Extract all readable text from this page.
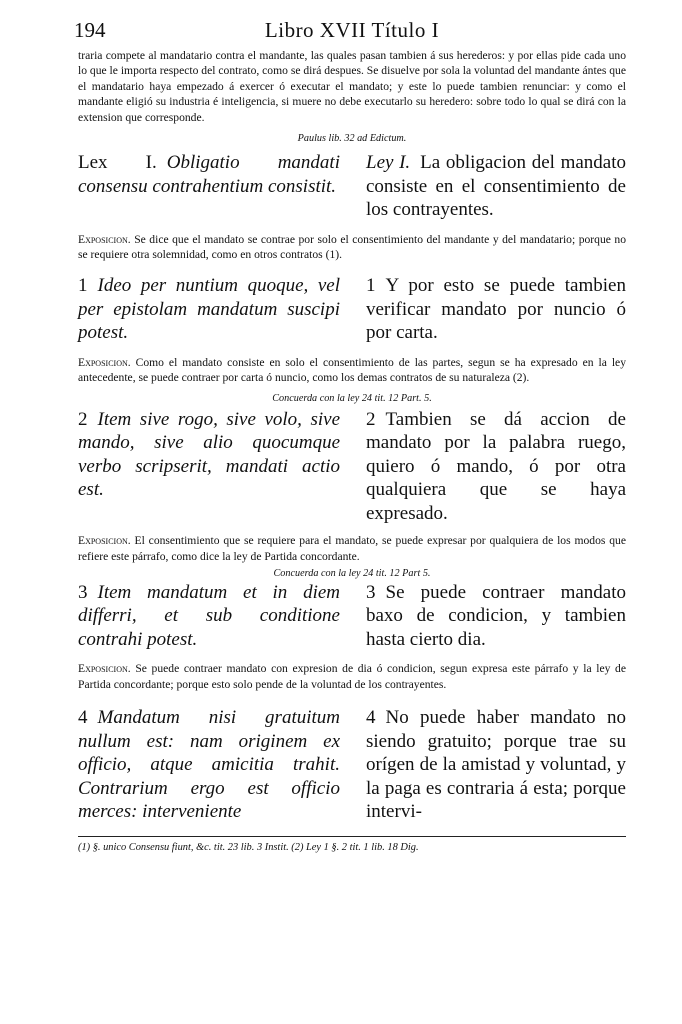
194	Libro XVII Título I

traria compete al mandatario contra el mandante, las quales pasan tambien á sus herederos: y por ellas pide cada uno lo que le importa respecto del contrato, como se dirá despues. Se disuelve por sola la voluntad del mandante ántes que el mandatario haya empezado á exercer ó executar el mandato; y este lo puede tambien renunciar: y como el mandante eligió su industria é inteligencia, si muere no debe executarlo su heredero: sobre todo lo qual se dirá con la extension que corresponde.

Paulus lib. 32 ad Edictum.

Lex I. Obligatio mandati consensu contrahentium consistit.

Ley I. La obligacion del mandato consiste en el consentimiento de los contrayentes.

Exposicion. Se dice que el mandato se contrae por solo el consentimiento del mandante y del mandatario; porque no se requiere otra solemnidad, como en otros contratos (1).

1 Ideo per nuntium quoque, vel per epistolam mandatum suscipi potest.

1 Y por esto se puede tambien verificar mandato por nuncio ó por carta.

Exposicion. Como el mandato consiste en solo el consentimiento de las partes, segun se ha expresado en la ley antecedente, se puede contraer por carta ó nuncio, como los demas contratos de su naturaleza (2).

Concuerda con la ley 24 tit. 12 Part. 5.

2 Item sive rogo, sive volo, sive mando, sive alio quocumque verbo scripserit, mandati actio est.

2 Tambien se dá accion de mandato por la palabra ruego, quiero ó mando, ó por otra qualquiera que se haya expresado.

Exposicion. El consentimiento que se requiere para el mandato, se puede expresar por qualquiera de los modos que refiere este párrafo, como dice la ley de Partida concordante.

Concuerda con la ley 24 tit. 12 Part 5.

3 Item mandatum et in diem differri, et sub conditione contrahi potest.

3 Se puede contraer mandato baxo de condicion, y tambien hasta cierto dia.

Exposicion. Se puede contraer mandato con expresion de dia ó condicion, segun expresa este párrafo y la ley de Partida concordante; porque esto solo pende de la voluntad de los contrayentes.

4 Mandatum nisi gratuitum nullum est: nam originem ex officio, atque amicitia trahit. Contrarium ergo est officio merces: interveniente

4 No puede haber mandato no siendo gratuito; porque trae su orígen de la amistad y voluntad, y la paga es contraria á esta; porque intervi-

(1) §. unico Consensu fiunt, &c. tit. 23 lib. 3 Instit. (2) Ley 1 §. 2 tit. 1 lib. 18 Dig.
